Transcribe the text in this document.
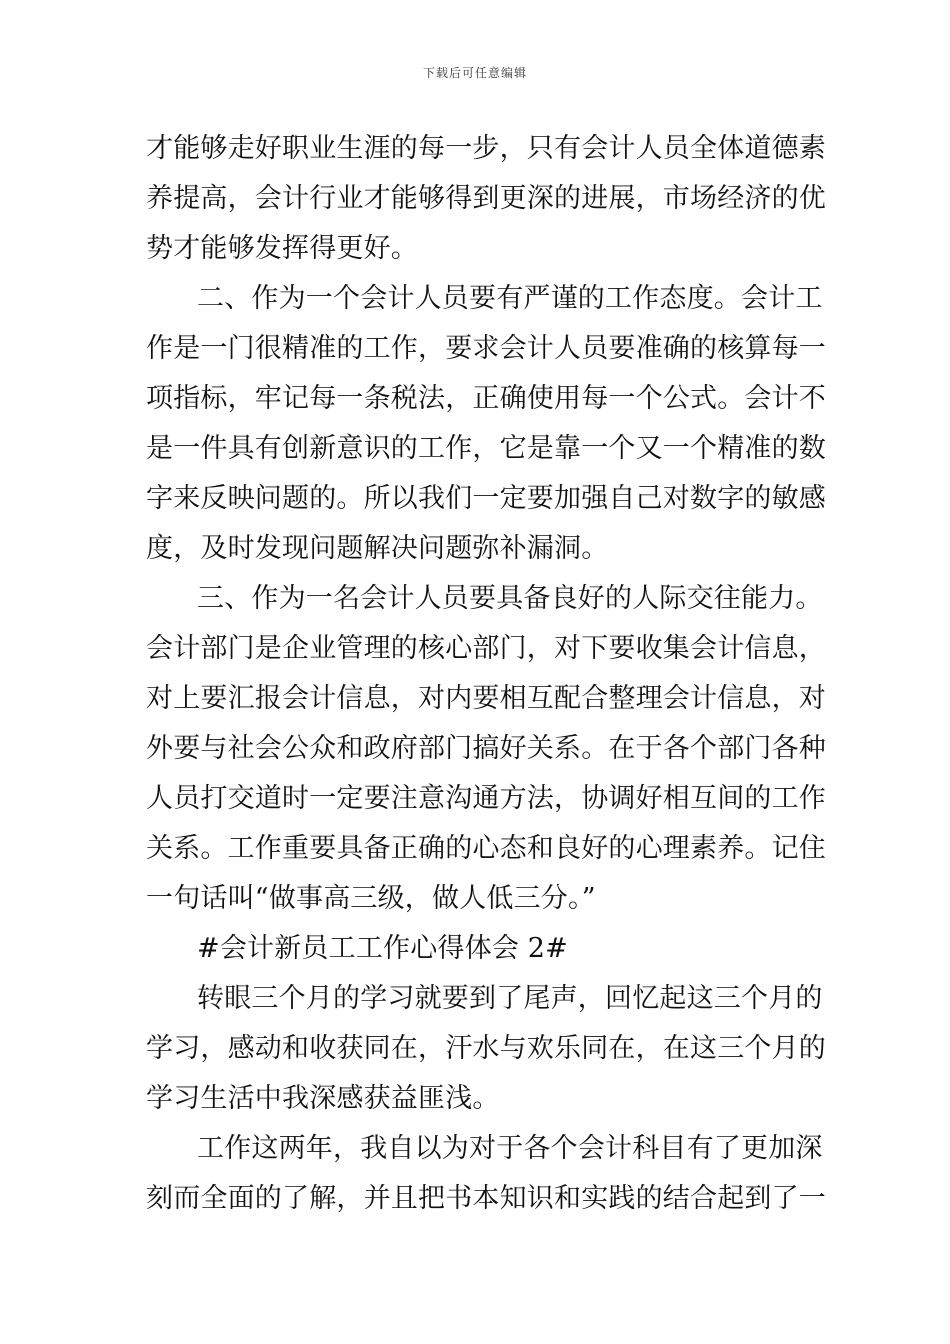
下载后可任意编辑
才能够走好职业生涯的每一步，只有会计人员全体道德素
养提高，会计行业才能够得到更深的进展，市场经济的优
势才能够发挥得更好。
二、作为一个会计人员要有严谨的工作态度。会计工
作是一门很精准的工作，要求会计人员要准确的核算每一
项指标，牢记每一条税法，正确使用每一个公式。会计不
是一件具有创新意识的工作，它是靠一个又一个精准的数
字来反映问题的。所以我们一定要加强自己对数字的敏感
度，及时发现问题解决问题弥补漏洞。
三、作为一名会计人员要具备良好的人际交往能力。
会计部门是企业管理的核心部门，对下要收集会计信息，
对上要汇报会计信息，对内要相互配合整理会计信息，对
外要与社会公众和政府部门搞好关系。在于各个部门各种
人员打交道时一定要注意沟通方法，协调好相互间的工作
关系。工作重要具备正确的心态和良好的心理素养。记住
一句话叫“做事高三级，做人低三分。”
#会计新员工工作心得体会 2#
转眼三个月的学习就要到了尾声，回忆起这三个月的
学习，感动和收获同在，汗水与欢乐同在，在这三个月的
学习生活中我深感获益匪浅。
工作这两年，我自以为对于各个会计科目有了更加深
刻而全面的了解，并且把书本知识和实践的结合起到了一
